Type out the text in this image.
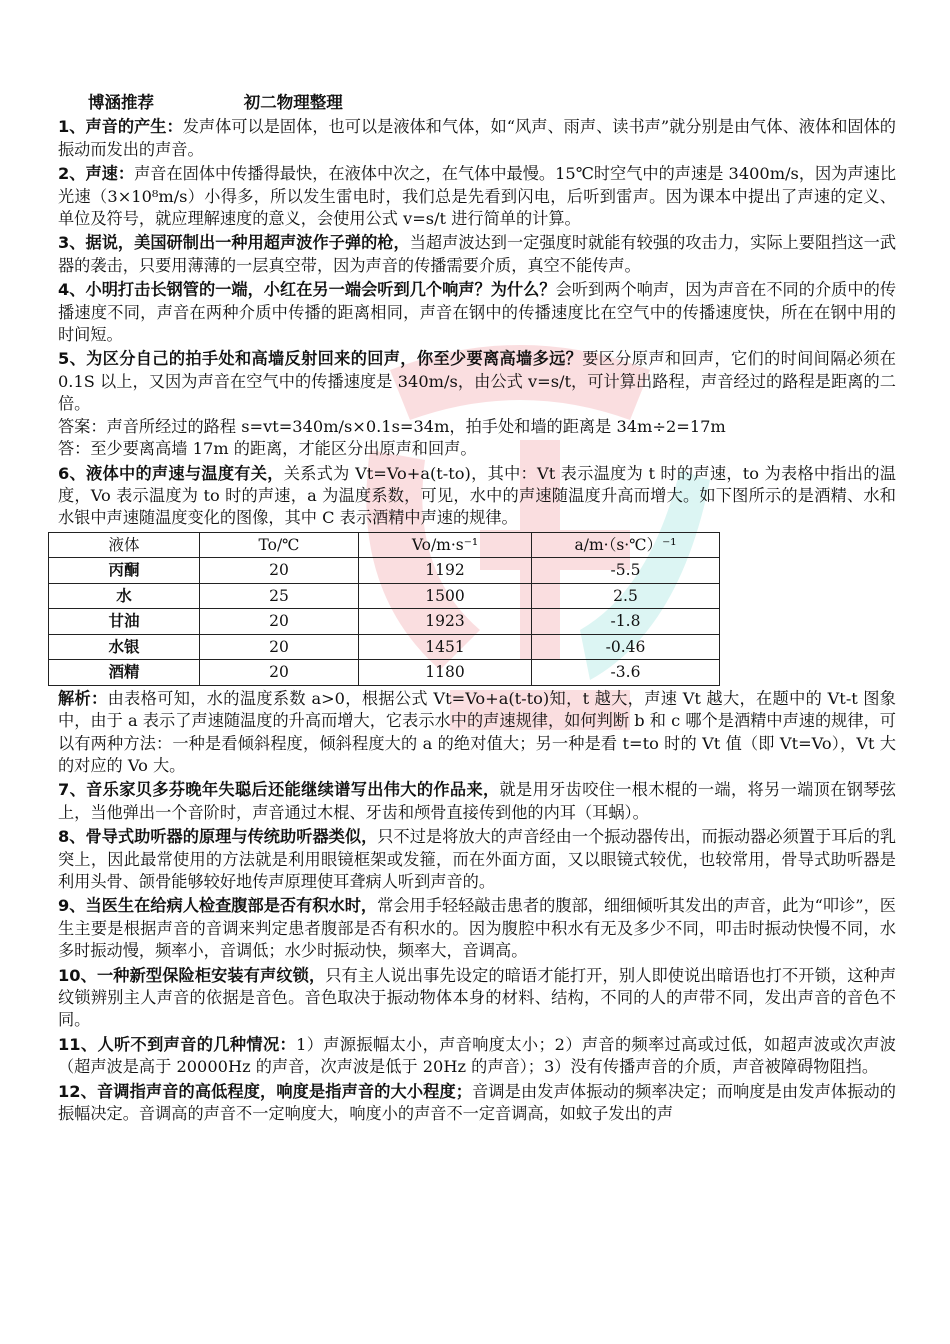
博涵推荐	初二物理整理

1、声音的产生：发声体可以是固体，也可以是液体和气体，如“风声、雨声、读书声”就分别是由气体、液体和固体的振动而发出的声音。

2、声速：声音在固体中传播得最快，在液体中次之，在气体中最慢。15℃时空气中的声速是 3400m/s，因为声速比光速（3×10⁸m/s）小得多，所以发生雷电时，我们总是先看到闪电，后听到雷声。因为课本中提出了声速的定义、单位及符号，就应理解速度的意义，会使用公式 v=s/t 进行简单的计算。

3、据说，美国研制出一种用超声波作子弹的枪，当超声波达到一定强度时就能有较强的攻击力，实际上要阻挡这一武器的袭击，只要用薄薄的一层真空带，因为声音的传播需要介质，真空不能传声。

4、小明打击长钢管的一端，小红在另一端会听到几个响声？为什么？会听到两个响声，因为声音在不同的介质中的传播速度不同，声音在两种介质中传播的距离相同，声音在钢中的传播速度比在空气中的传播速度快，所在在钢中用的时间短。

5、为区分自己的拍手处和高墙反射回来的回声，你至少要离高墙多远？要区分原声和回声，它们的时间间隔必须在 0.1S 以上，又因为声音在空气中的传播速度是 340m/s，由公式 v=s/t，可计算出路程，声音经过的路程是距离的二倍。

答案：声音所经过的路程 s=vt=340m/s×0.1s=34m，拍手处和墙的距离是 34m÷2=17m

答：至少要离高墙 17m 的距离，才能区分出原声和回声。

6、液体中的声速与温度有关，关系式为 Vt=Vo+a(t-to)，其中：Vt 表示温度为 t 时的声速，to 为表格中指出的温度，Vo 表示温度为 to 时的声速，a 为温度系数，可见，水中的声速随温度升高而增大。如下图所示的是酒精、水和水银中声速随温度变化的图像，其中 C 表示酒精中声速的规律。

液体	To/℃	Vo/m·s⁻¹	a/m·（s·℃）⁻¹
丙酮	20	1192	-5.5
水	25	1500	2.5
甘油	20	1923	-1.8
水银	20	1451	-0.46
酒精	20	1180	-3.6

解析：由表格可知，水的温度系数 a>0，根据公式 Vt=Vo+a(t-to)知，t 越大，声速 Vt 越大，在题中的 Vt-t 图象中，由于 a 表示了声速随温度的升高而增大，它表示水中的声速规律，如何判断 b 和 c 哪个是酒精中声速的规律，可以有两种方法：一种是看倾斜程度，倾斜程度大的 a 的绝对值大；另一种是看 t=to 时的 Vt 值（即 Vt=Vo），Vt 大的对应的 Vo 大。

7、音乐家贝多芬晚年失聪后还能继续谱写出伟大的作品来，就是用牙齿咬住一根木棍的一端，将另一端顶在钢琴弦上，当他弹出一个音阶时，声音通过木棍、牙齿和颅骨直接传到他的内耳（耳蜗）。

8、骨导式助听器的原理与传统助听器类似，只不过是将放大的声音经由一个振动器传出，而振动器必须置于耳后的乳突上，因此最常使用的方法就是利用眼镜框架或发箍，而在外面方面，又以眼镜式较优，也较常用，骨导式助听器是利用头骨、颌骨能够较好地传声原理使耳聋病人听到声音的。

9、当医生在给病人检查腹部是否有积水时，常会用手轻轻敲击患者的腹部，细细倾听其发出的声音，此为“叩诊”，医生主要是根据声音的音调来判定患者腹部是否有积水的。因为腹腔中积水有无及多少不同，叩击时振动快慢不同，水多时振动慢，频率小，音调低；水少时振动快，频率大，音调高。

10、一种新型保险柜安装有声纹锁，只有主人说出事先设定的暗语才能打开，别人即使说出暗语也打不开锁，这种声纹锁辨别主人声音的依据是音色。音色取决于振动物体本身的材料、结构，不同的人的声带不同，发出声音的音色不同。

11、人听不到声音的几种情况：1）声源振幅太小，声音响度太小；2）声音的频率过高或过低，如超声波或次声波（超声波是高于 20000Hz 的声音，次声波是低于 20Hz 的声音）；3）没有传播声音的介质，声音被障碍物阻挡。

12、音调指声音的高低程度，响度是指声音的大小程度；音调是由发声体振动的频率决定；而响度是由发声体振动的振幅决定。音调高的声音不一定响度大，响度小的声音不一定音调高，如蚊子发出的声
